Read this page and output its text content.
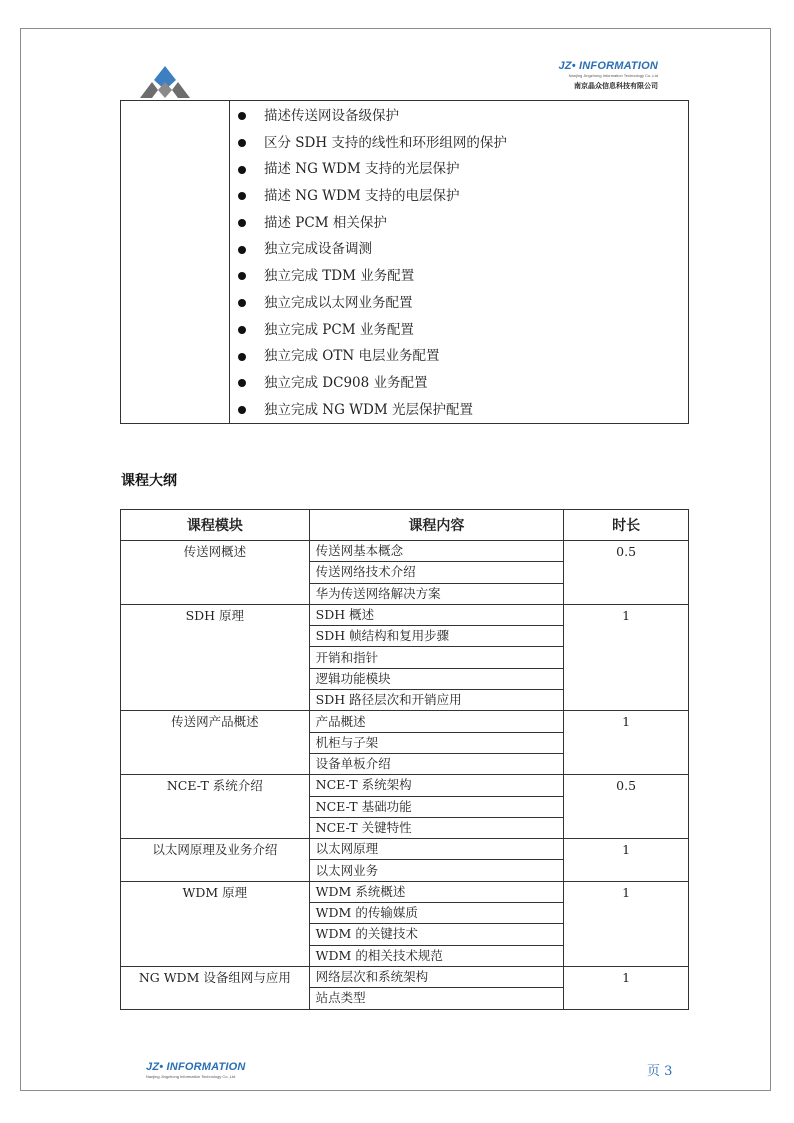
JZ• INFORMATION
Nanjing Jingzhong Information Technology Co.,Ltd
南京晶众信息科技有限公司

描述传送网设备级保护
区分 SDH 支持的线性和环形组网的保护
描述 NG WDM 支持的光层保护
描述 NG WDM 支持的电层保护
描述 PCM 相关保护
独立完成设备调测
独立完成 TDM 业务配置
独立完成以太网业务配置
独立完成 PCM 业务配置
独立完成 OTN 电层业务配置
独立完成 DC908 业务配置
独立完成 NG WDM 光层保护配置
课程大纲
课程模块	课程内容	时长
传送网概述	传送网基本概念	0.5
	传送网络技术介绍	
	华为传送网络解决方案	
SDH 原理	SDH 概述	1
	SDH 帧结构和复用步骤	
	开销和指针	
	逻辑功能模块	
	SDH 路径层次和开销应用	
传送网产品概述	产品概述	1
	机柜与子架	
	设备单板介绍	
NCE-T 系统介绍	NCE-T 系统架构	0.5
	NCE-T 基础功能	
	NCE-T 关键特性	
以太网原理及业务介绍	以太网原理	1
	以太网业务	
WDM 原理	WDM 系统概述	1
	WDM 的传输媒质	
	WDM 的关键技术	
	WDM 的相关技术规范	
NG WDM 设备组网与应用	网络层次和系统架构	1
	站点类型	
JZ• INFORMATION
Nanjing Jingzhong Information Technology Co.,Ltd	页 3
